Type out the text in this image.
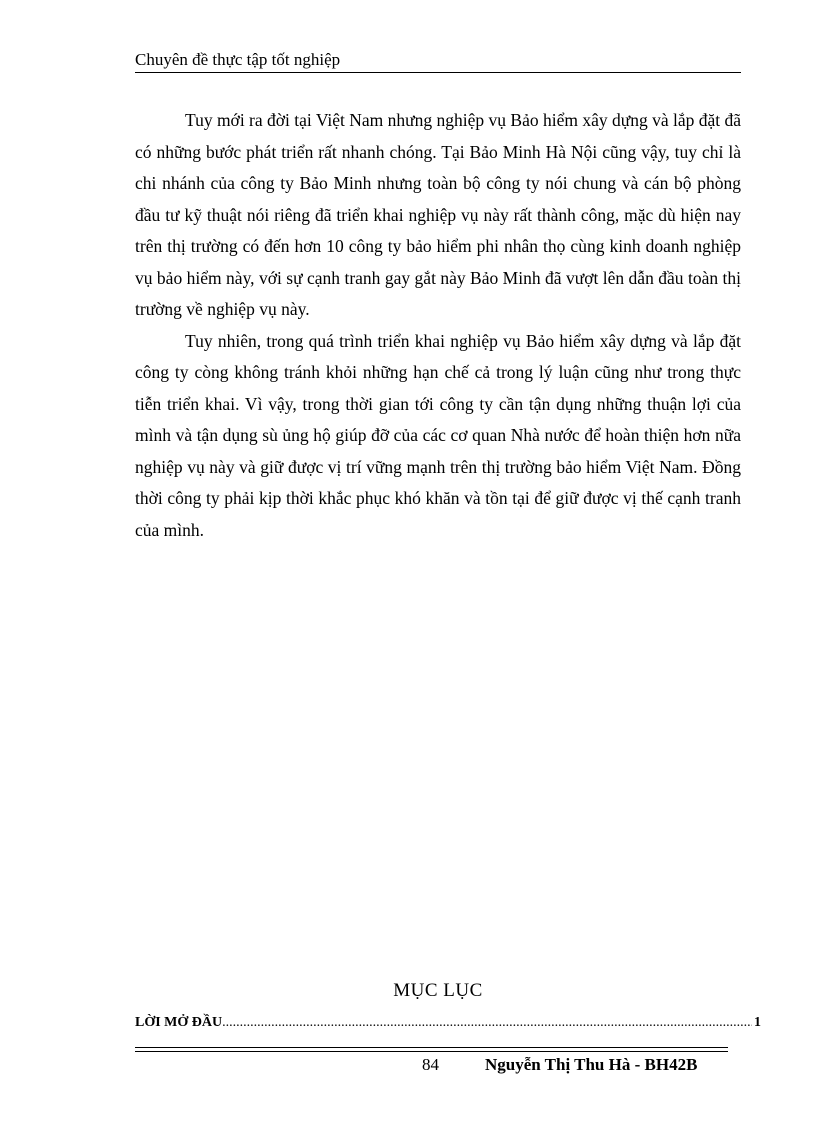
Chuyên đề thực tập tốt nghiệp

Tuy mới ra đời tại Việt Nam nhưng nghiệp vụ Bảo hiểm xây dựng và lắp đặt đã có những bước phát triển rất nhanh chóng. Tại Bảo Minh Hà Nội cũng vậy, tuy chỉ là chi nhánh của công ty Bảo Minh nhưng toàn bộ công ty nói chung và cán bộ phòng đầu tư kỹ thuật nói riêng đã triển khai nghiệp vụ này rất thành công, mặc dù hiện nay trên thị trường có đến hơn 10 công ty bảo hiểm phi nhân thọ cùng kinh doanh nghiệp vụ bảo hiểm này, với sự cạnh tranh gay gắt này Bảo Minh đã vượt lên dẫn đầu toàn thị trường về nghiệp vụ này.

Tuy nhiên, trong quá trình triển khai nghiệp vụ Bảo hiểm xây dựng và lắp đặt công ty còng không tránh khỏi những hạn chế cả trong lý luận cũng như trong thực tiễn triển khai. Vì vậy, trong thời gian tới công ty cần tận dụng những thuận lợi của mình và tận dụng sù ủng hộ giúp đỡ của các cơ quan Nhà nước để hoàn thiện hơn nữa nghiệp vụ này và giữ được vị trí vững mạnh trên thị trường bảo hiểm Việt Nam. Đồng thời công ty phải kịp thời khắc phục khó khăn và tồn tại để giữ được vị thế cạnh tranh của mình.

MỤC LỤC
LỜI MỞ ĐẦU
.....	1
84	Nguyễn Thị Thu Hà - BH42B
